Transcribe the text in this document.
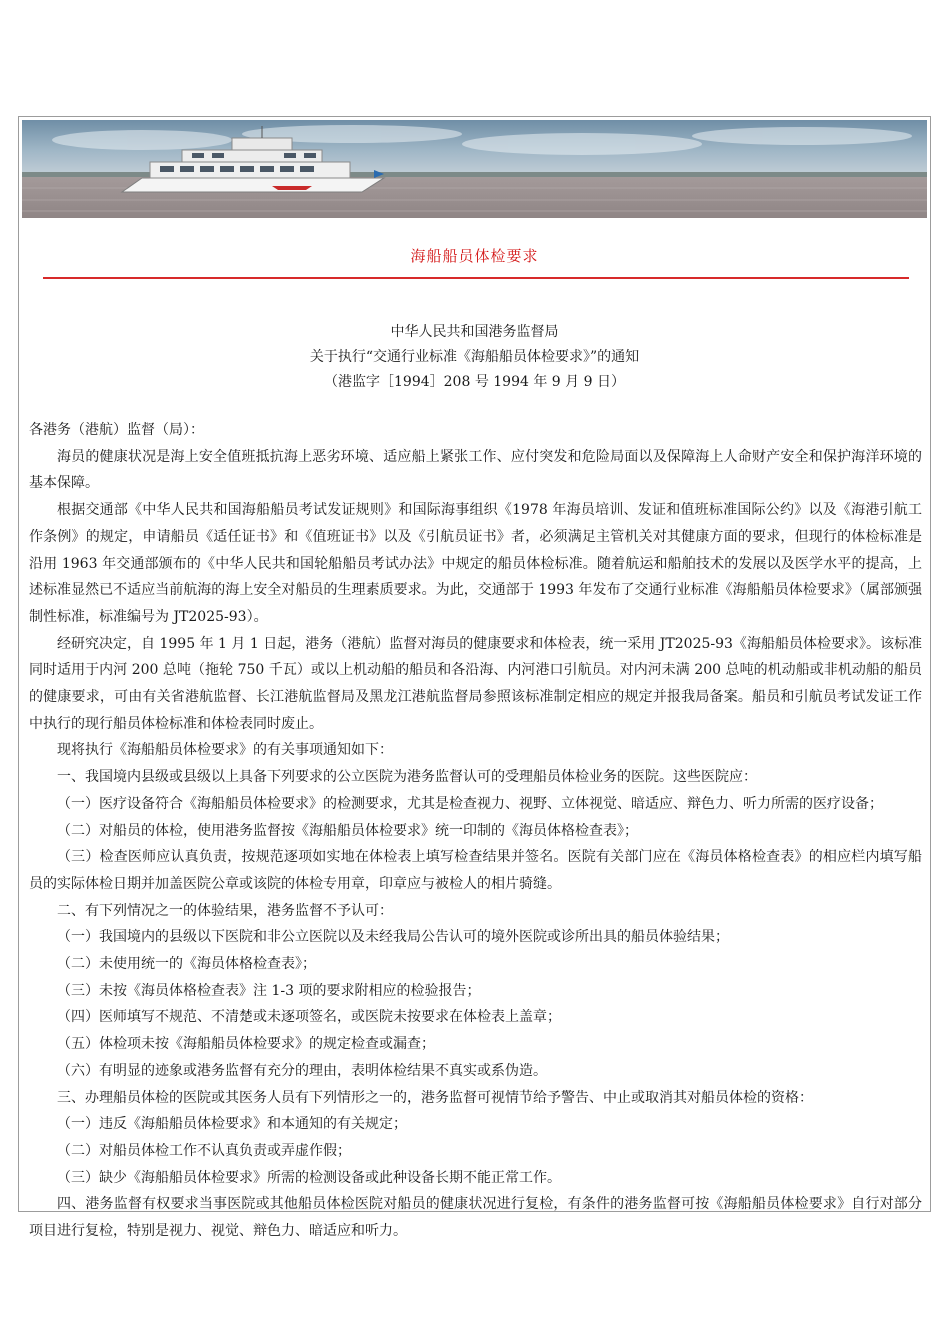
海船船员体检要求
中华人民共和国港务监督局
关于执行“交通行业标准《海船船员体检要求》”的通知
（港监字［1994］208 号 1994 年 9 月 9 日）

各港务（港航）监督（局）：

海员的健康状况是海上安全值班抵抗海上恶劣环境、适应船上紧张工作、应付突发和危险局面以及保障海上人命财产安全和保护海洋环境的基本保障。

根据交通部《中华人民共和国海船船员考试发证规则》和国际海事组织《1978 年海员培训、发证和值班标准国际公约》以及《海港引航工作条例》的规定，申请船员《适任证书》和《值班证书》以及《引航员证书》者，必须满足主管机关对其健康方面的要求，但现行的体检标准是沿用 1963 年交通部颁布的《中华人民共和国轮船船员考试办法》中规定的船员体检标准。随着航运和船舶技术的发展以及医学水平的提高，上述标准显然已不适应当前航海的海上安全对船员的生理素质要求。为此，交通部于 1993 年发布了交通行业标准《海船船员体检要求》（属部颁强制性标准，标准编号为 JT2025-93）。

经研究决定，自 1995 年 1 月 1 日起，港务（港航）监督对海员的健康要求和体检表，统一采用 JT2025-93《海船船员体检要求》。该标准同时适用于内河 200 总吨（拖轮 750 千瓦）或以上机动船的船员和各沿海、内河港口引航员。对内河未满 200 总吨的机动船或非机动船的船员的健康要求，可由有关省港航监督、长江港航监督局及黑龙江港航监督局参照该标准制定相应的规定并报我局备案。船员和引航员考试发证工作中执行的现行船员体检标准和体检表同时废止。

现将执行《海船船员体检要求》的有关事项通知如下：

一、我国境内县级或县级以上具备下列要求的公立医院为港务监督认可的受理船员体检业务的医院。这些医院应：

（一）医疗设备符合《海船船员体检要求》的检测要求，尤其是检查视力、视野、立体视觉、暗适应、辩色力、听力所需的医疗设备；

（二）对船员的体检，使用港务监督按《海船船员体检要求》统一印制的《海员体格检查表》；

（三）检查医师应认真负责，按规范逐项如实地在体检表上填写检查结果并签名。医院有关部门应在《海员体格检查表》的相应栏内填写船员的实际体检日期并加盖医院公章或该院的体检专用章，印章应与被检人的相片骑缝。

二、有下列情况之一的体验结果，港务监督不予认可：

（一）我国境内的县级以下医院和非公立医院以及未经我局公告认可的境外医院或诊所出具的船员体验结果；

（二）未使用统一的《海员体格检查表》；

（三）未按《海员体格检查表》注 1-3 项的要求附相应的检验报告；

（四）医师填写不规范、不清楚或未逐项签名，或医院未按要求在体检表上盖章；

（五）体检项未按《海船船员体检要求》的规定检查或漏查；

（六）有明显的迹象或港务监督有充分的理由，表明体检结果不真实或系伪造。

三、办理船员体检的医院或其医务人员有下列情形之一的，港务监督可视情节给予警告、中止或取消其对船员体检的资格：

（一）违反《海船船员体检要求》和本通知的有关规定；

（二）对船员体检工作不认真负责或弄虚作假；

（三）缺少《海船船员体检要求》所需的检测设备或此种设备长期不能正常工作。

四、港务监督有权要求当事医院或其他船员体检医院对船员的健康状况进行复检，有条件的港务监督可按《海船船员体检要求》自行对部分项目进行复检，特别是视力、视觉、辩色力、暗适应和听力。
